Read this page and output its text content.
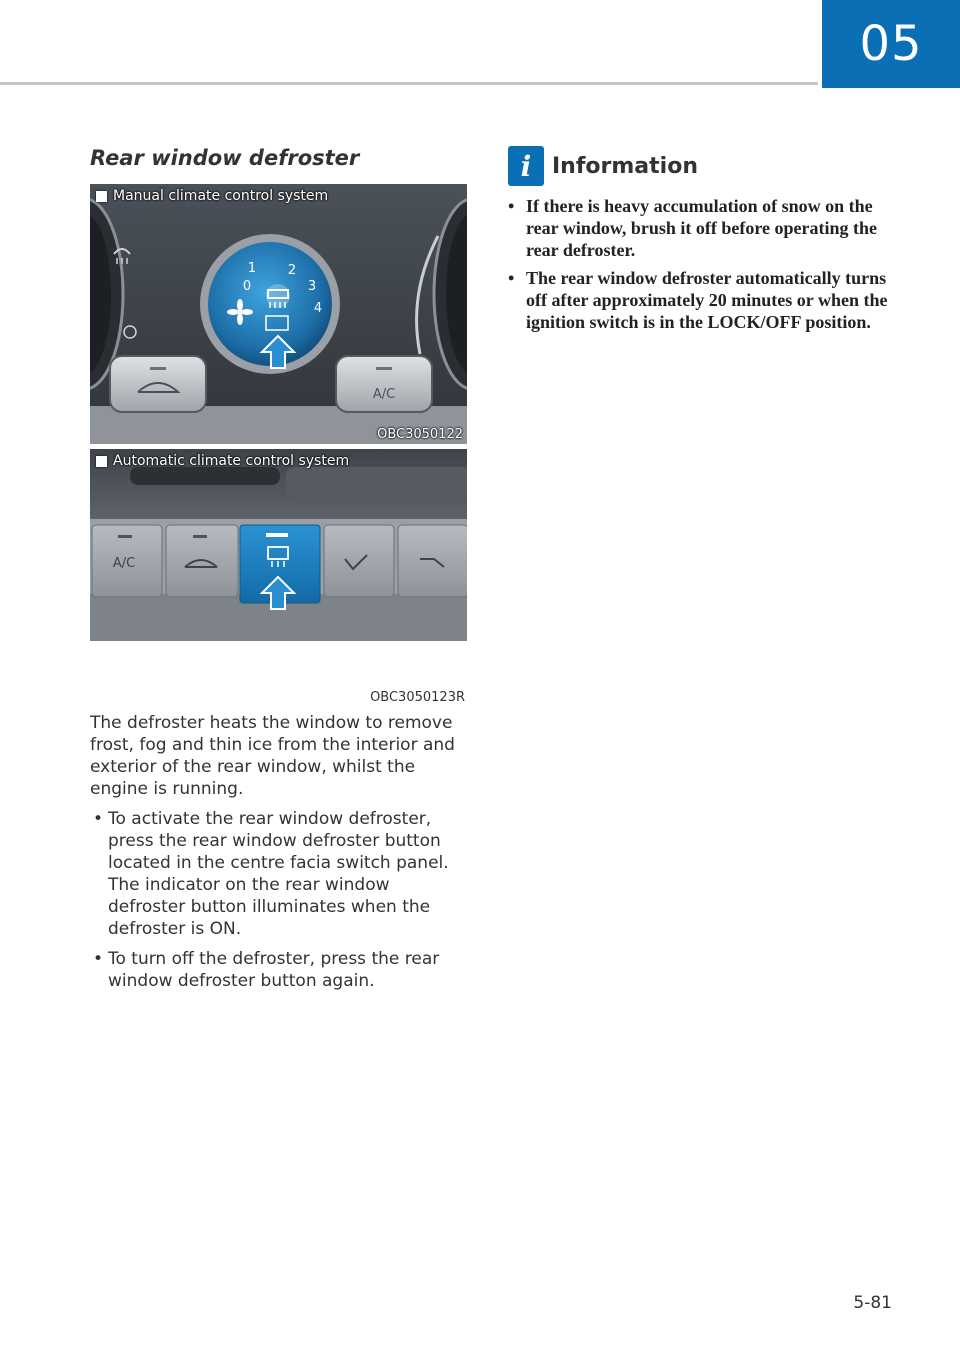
05
Rear window defroster
Manual climate control system
1 2
3
4
0
A/C
OBC3050122
Automatic climate control system
A/C
OBC3050123R

The defroster heats the window to remove frost, fog and thin ice from the interior and exterior of the rear window, whilst the engine is running.

• To activate the rear window defroster, press the rear window defroster button located in the centre facia switch panel. The indicator on the rear window defroster button illuminates when the defroster is ON.
• To turn off the defroster, press the rear window defroster button again.
i Information
• If there is heavy accumulation of snow on the rear window, brush it off before operating the rear defroster.
• The rear window defroster automatically turns off after approximately 20 minutes or when the ignition switch is in the LOCK/OFF position.
5-81
